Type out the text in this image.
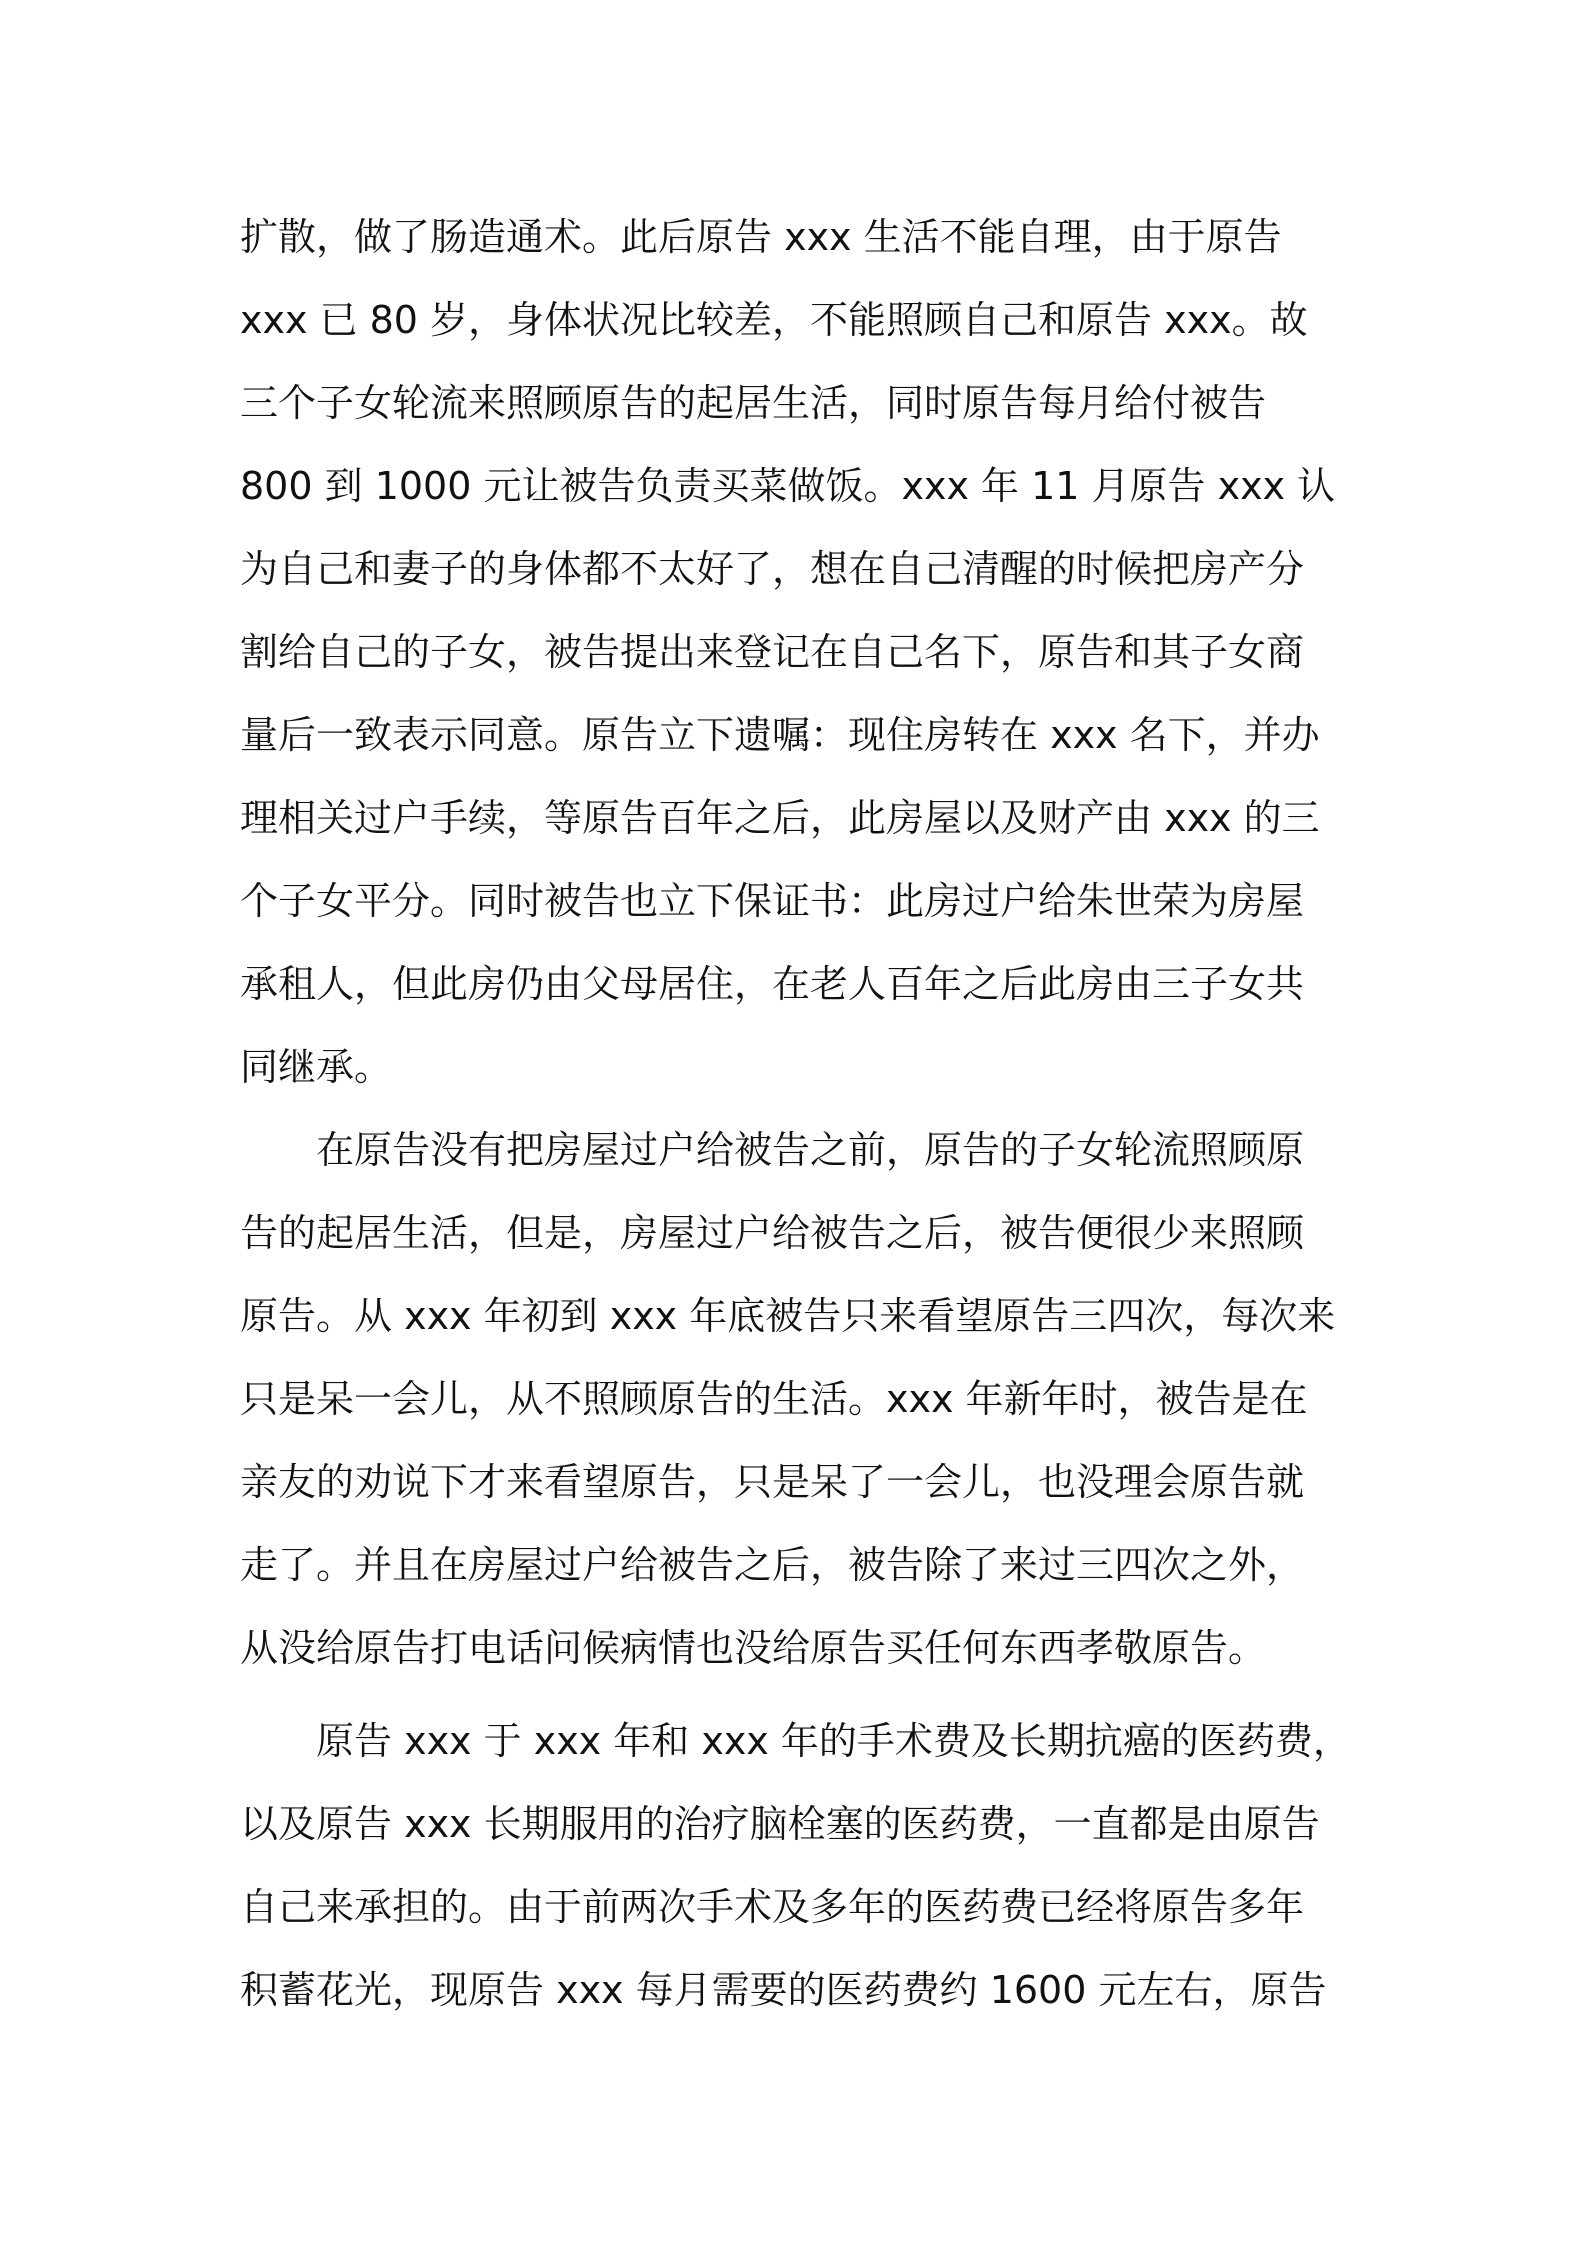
扩散，做了肠造通术。此后原告 xxx 生活不能自理，由于原告
xxx 已 80 岁，身体状况比较差，不能照顾自己和原告 xxx。故
三个子女轮流来照顾原告的起居生活，同时原告每月给付被告
800 到 1000 元让被告负责买菜做饭。xxx 年 11 月原告 xxx 认
为自己和妻子的身体都不太好了，想在自己清醒的时候把房产分
割给自己的子女，被告提出来登记在自己名下，原告和其子女商
量后一致表示同意。原告立下遗嘱：现住房转在 xxx 名下，并办
理相关过户手续，等原告百年之后，此房屋以及财产由 xxx 的三
个子女平分。同时被告也立下保证书：此房过户给朱世荣为房屋
承租人，但此房仍由父母居住，在老人百年之后此房由三子女共
同继承。
在原告没有把房屋过户给被告之前，原告的子女轮流照顾原
告的起居生活，但是，房屋过户给被告之后，被告便很少来照顾
原告。从 xxx 年初到 xxx 年底被告只来看望原告三四次，每次来
只是呆一会儿，从不照顾原告的生活。xxx 年新年时，被告是在
亲友的劝说下才来看望原告，只是呆了一会儿，也没理会原告就
走了。并且在房屋过户给被告之后，被告除了来过三四次之外，
从没给原告打电话问候病情也没给原告买任何东西孝敬原告。
原告 xxx 于 xxx 年和 xxx 年的手术费及长期抗癌的医药费，
以及原告 xxx 长期服用的治疗脑栓塞的医药费，一直都是由原告
自己来承担的。由于前两次手术及多年的医药费已经将原告多年
积蓄花光，现原告 xxx 每月需要的医药费约 1600 元左右，原告
